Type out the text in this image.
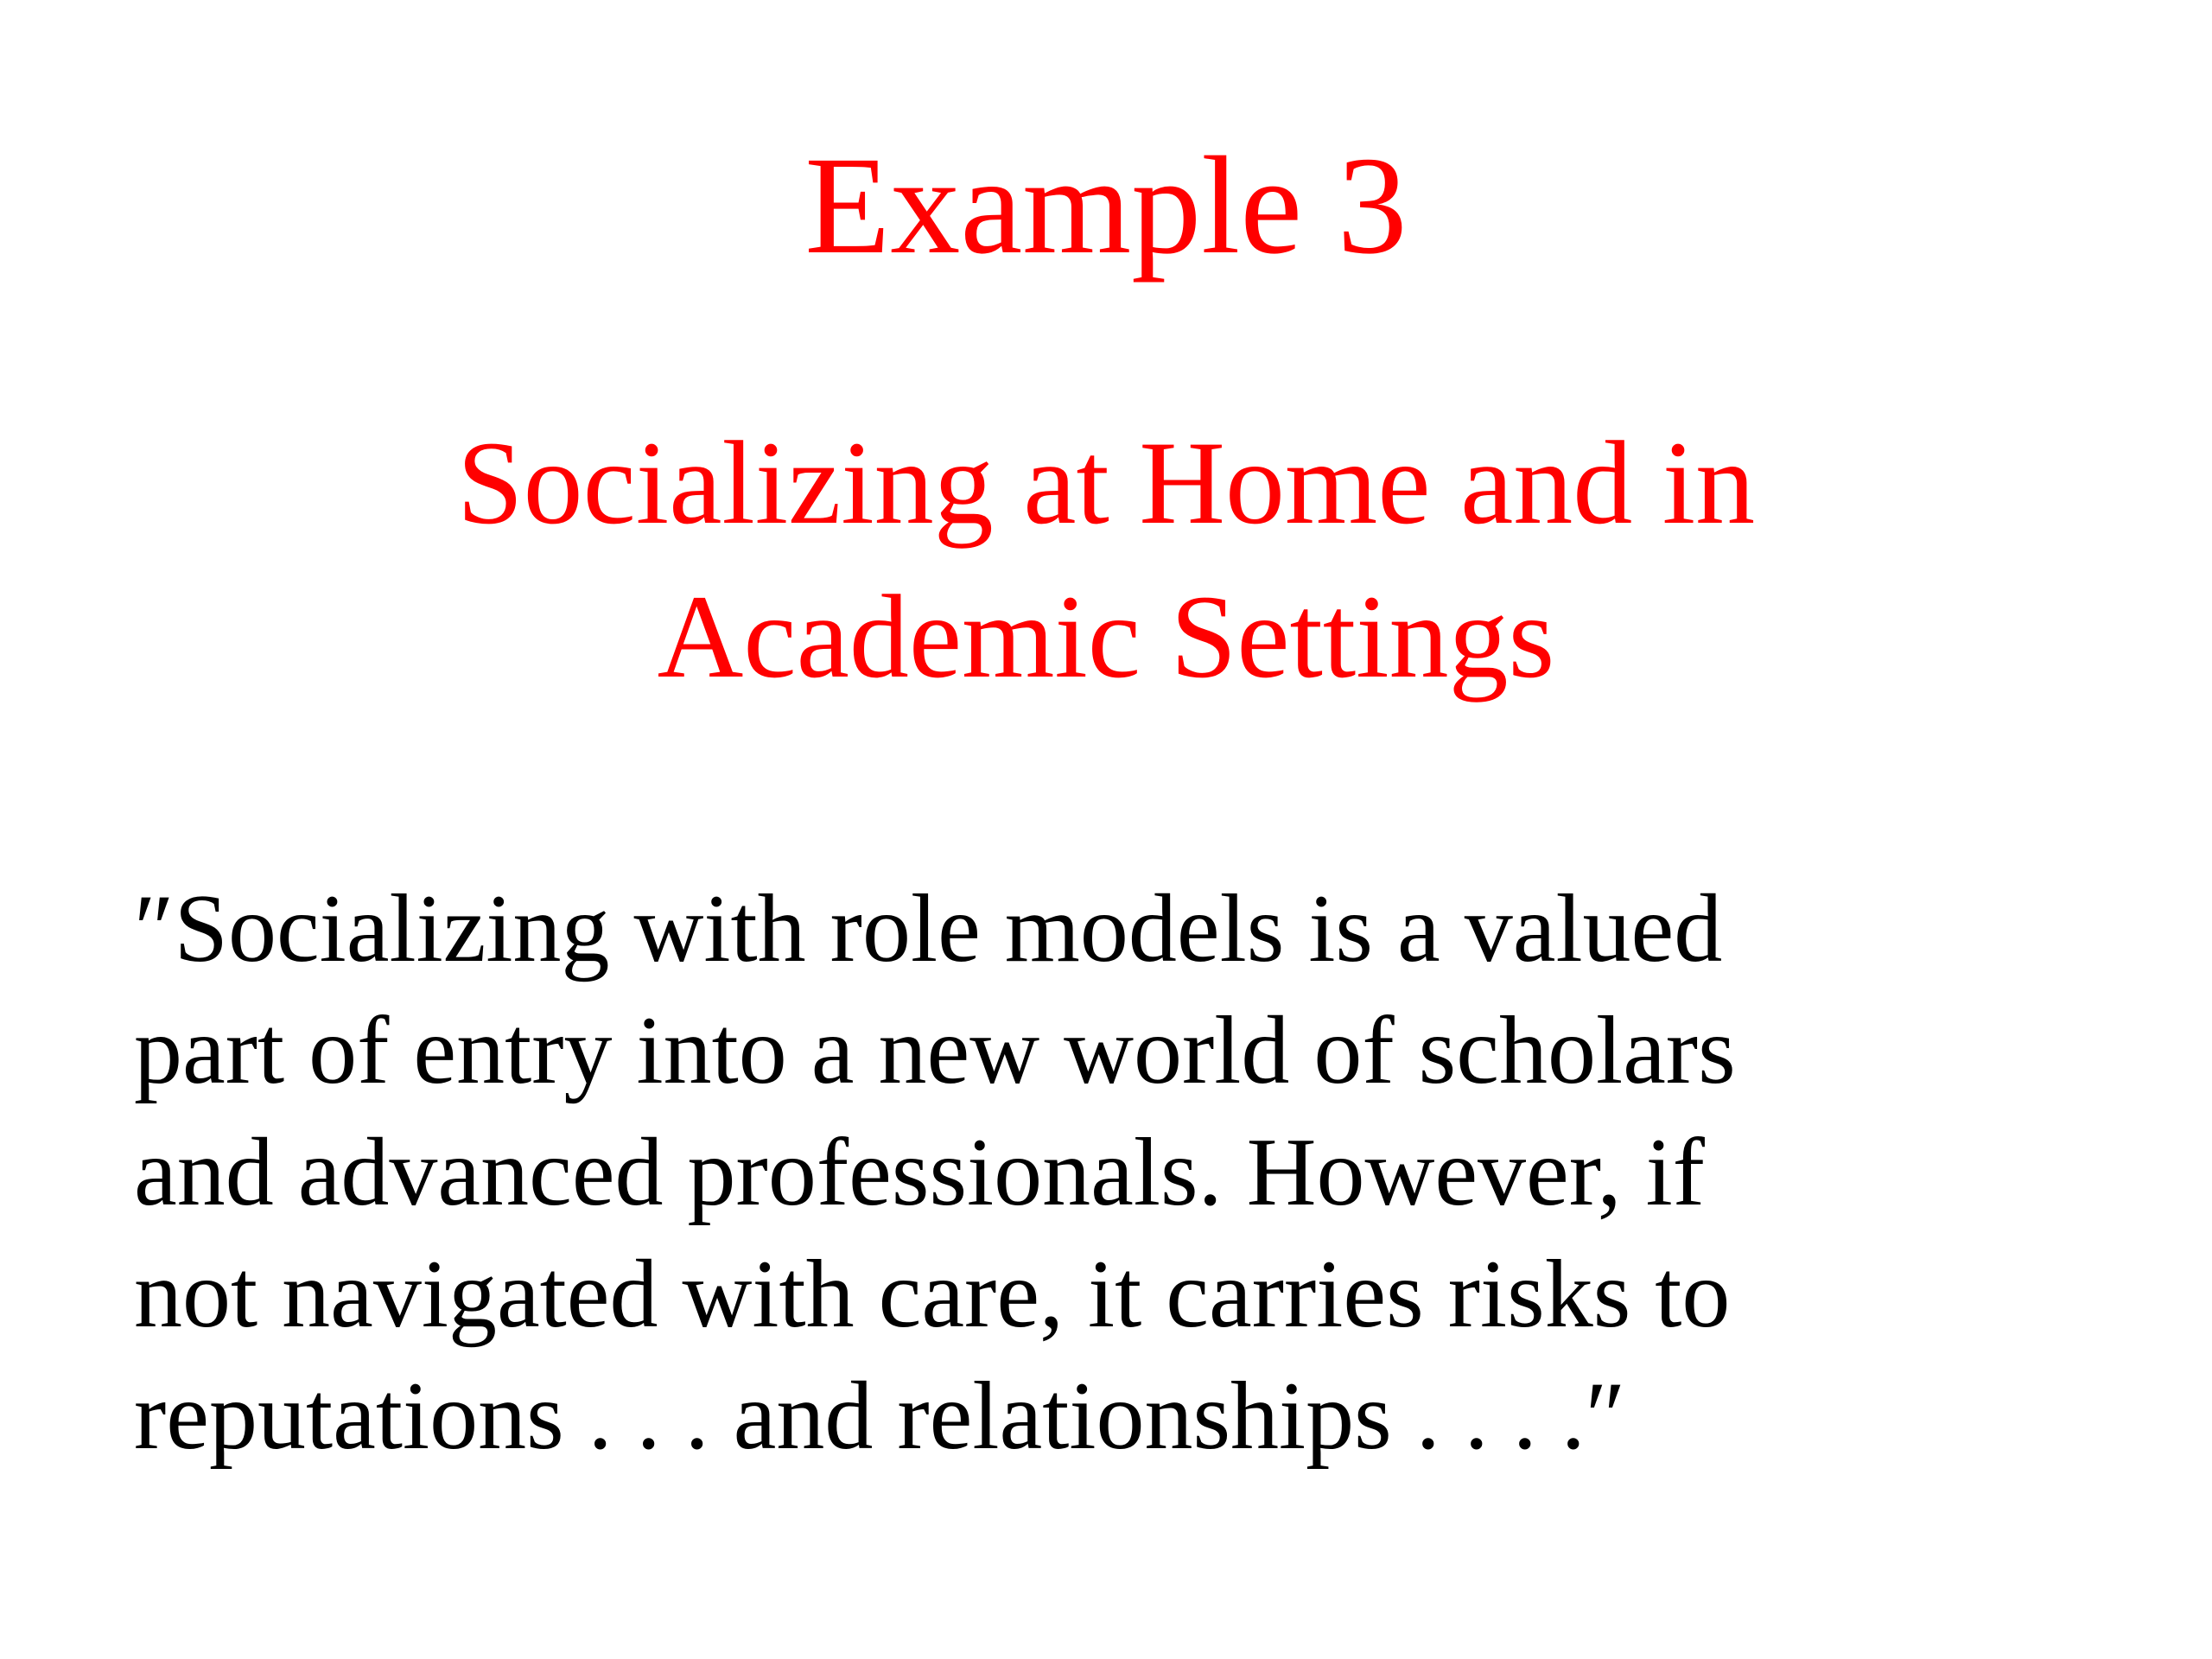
Example 3
Socializing at Home and in
Academic Settings

″Socializing with role models is a valued
part of entry into a new world of scholars
and advanced professionals. However, if
not navigated with care, it carries risks to
reputations . . . and relationships . . . .″
